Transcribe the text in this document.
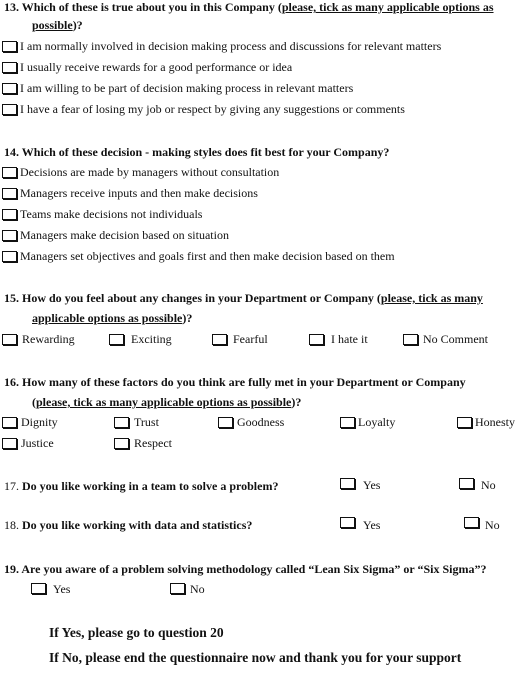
13. Which of these is true about you in this Company (please, tick as many applicable options as
possible)?
I am normally involved in decision making process and discussions for relevant matters
I usually receive rewards for a good performance or idea
I am willing to be part of decision making process in relevant matters
I have a fear of losing my job or respect by giving any suggestions or comments
14. Which of these decision - making styles does fit best for your Company?
Decisions are made by managers without consultation
Managers receive inputs and then make decisions
Teams make decisions not individuals
Managers make decision based on situation
Managers set objectives and goals first and then make decision based on them
15. How do you feel about any changes in your Department or Company (please, tick as many
applicable options as possible)?
Rewarding	Exciting	Fearful	I hate it	No Comment
16. How many of these factors do you think are fully met in your Department or Company
(please, tick as many applicable options as possible)?
Dignity	Trust	Goodness	Loyalty	Honesty
Justice	Respect
17. Do you like working in a team to solve a problem?	Yes	No
18. Do you like working with data and statistics?	Yes	No
19. Are you aware of a problem solving methodology called “Lean Six Sigma” or “Six Sigma”?
Yes	No
If Yes, please go to question 20
If No, please end the questionnaire now and thank you for your support
